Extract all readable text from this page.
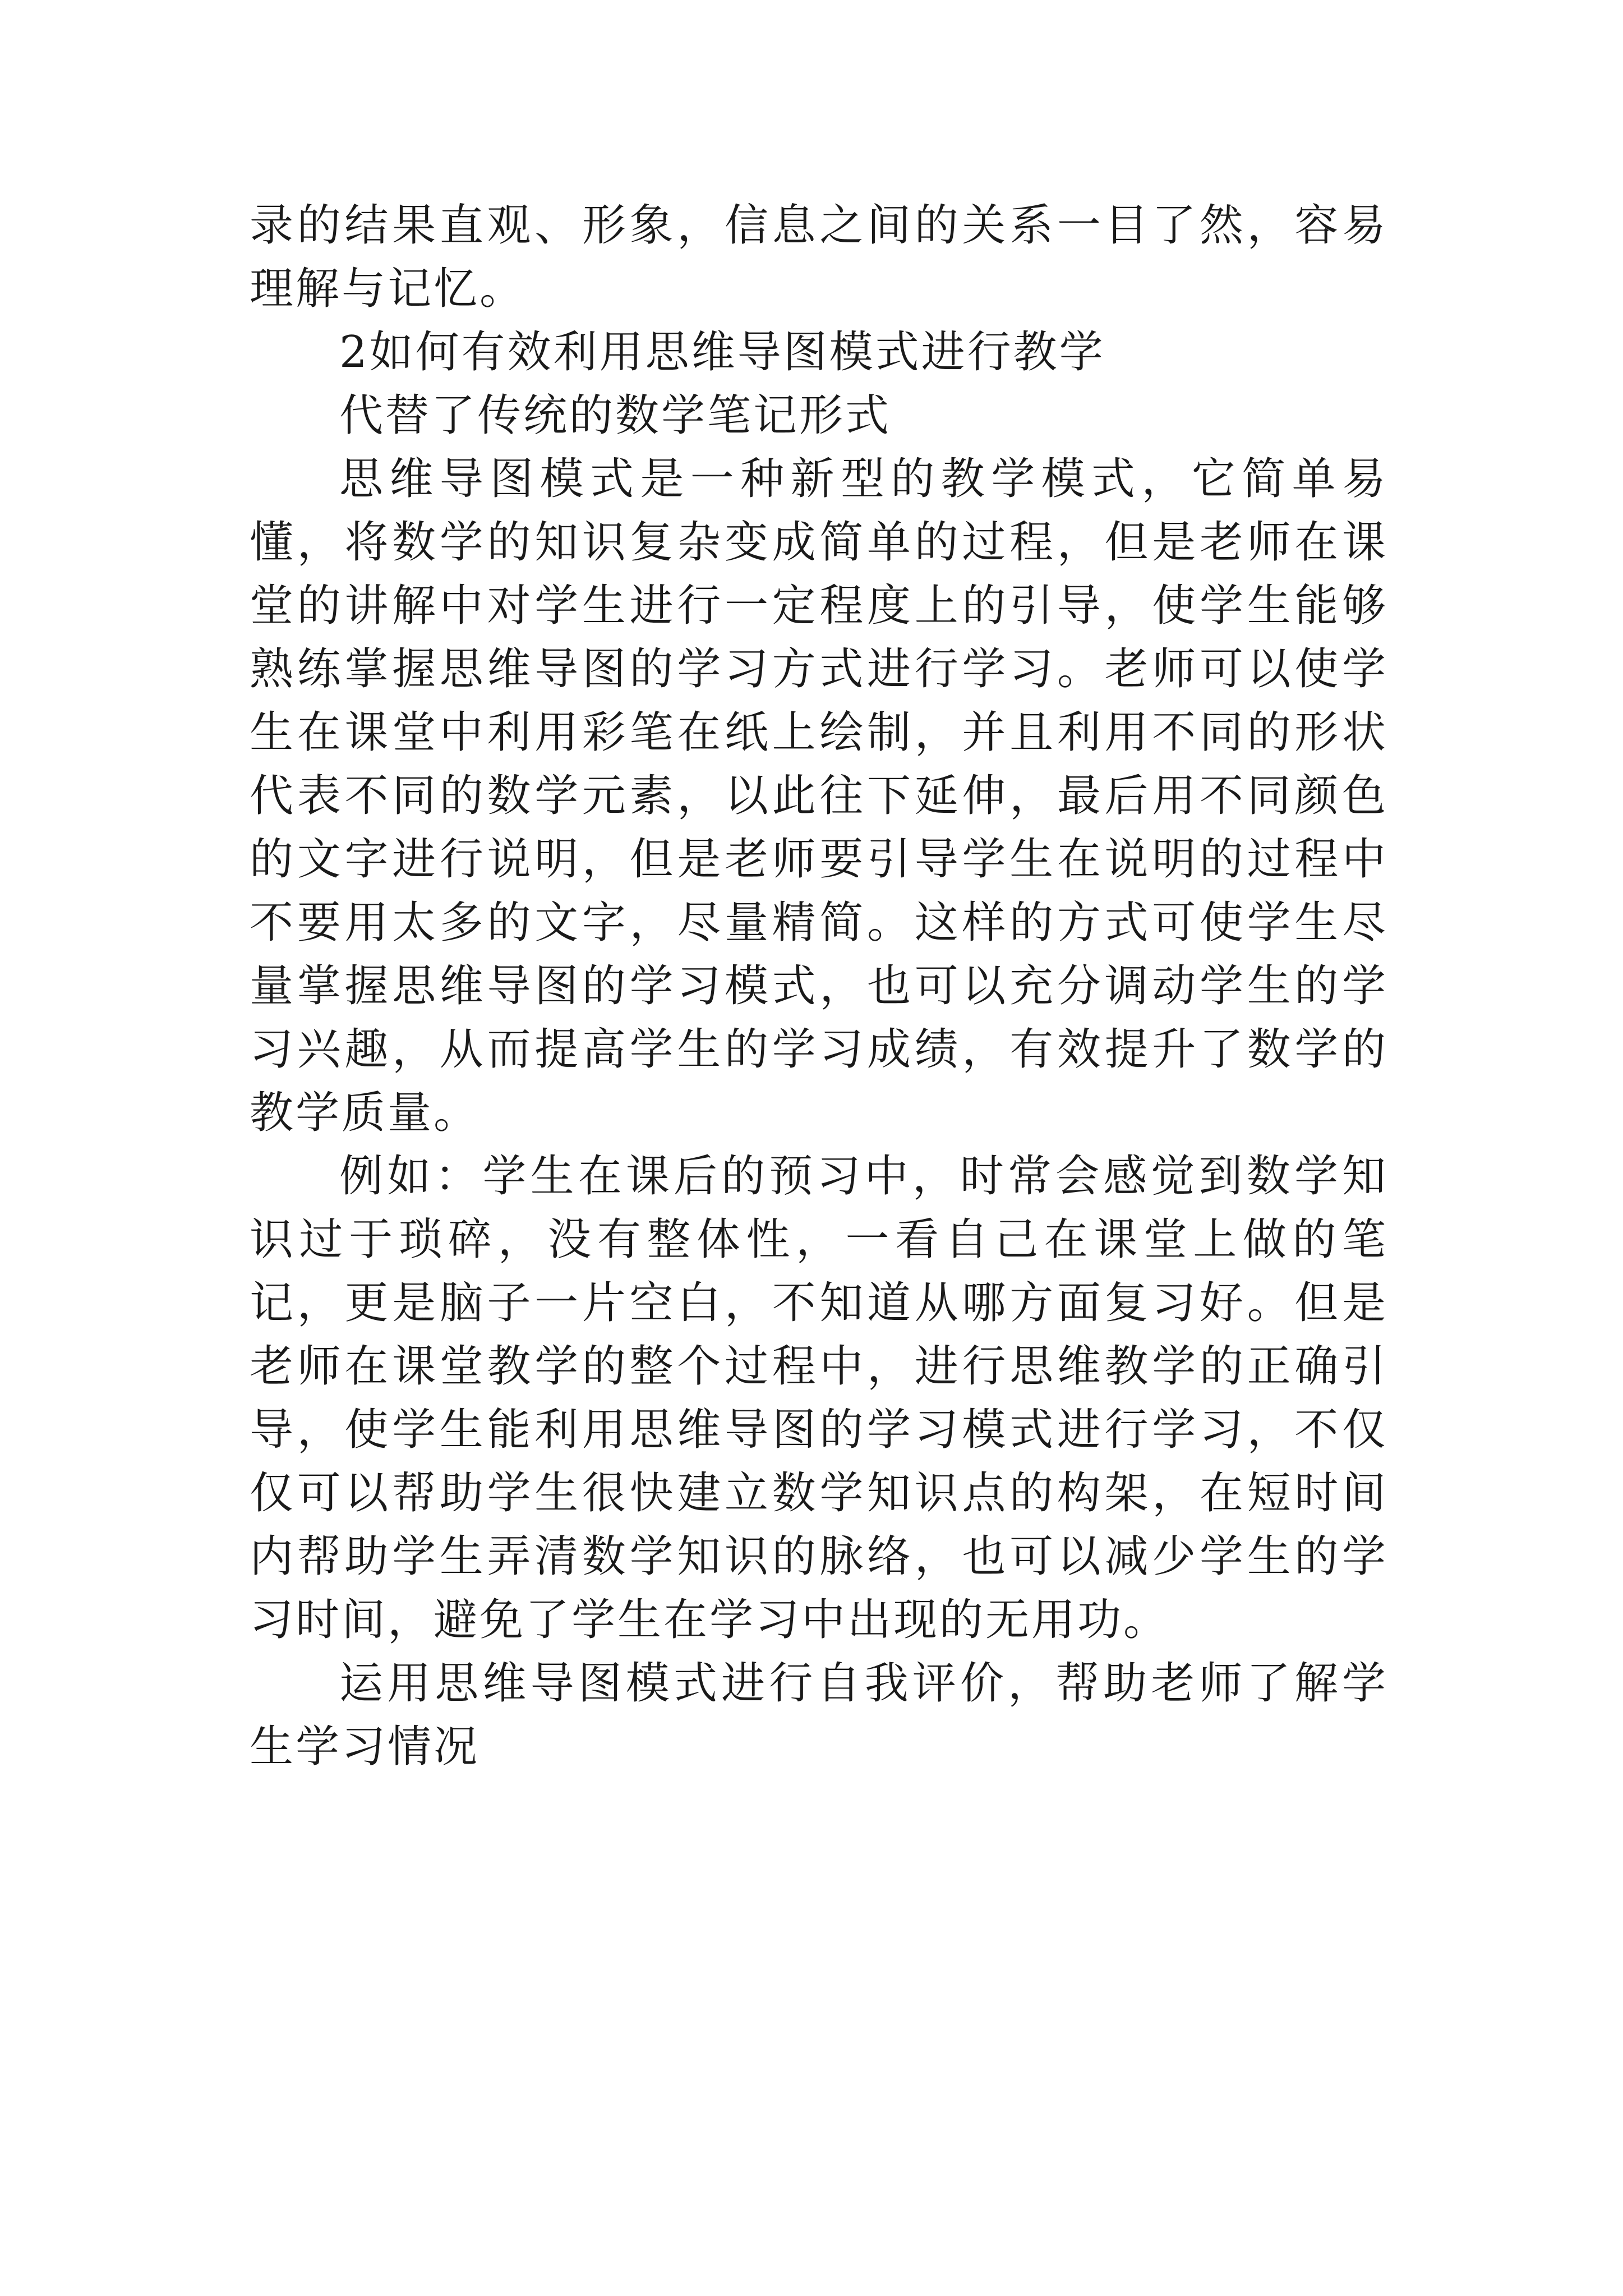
录的结果直观、形象，信息之间的关系一目了然，容易理解与记忆。

2如何有效利用思维导图模式进行教学

代替了传统的数学笔记形式

思维导图模式是一种新型的教学模式，它简单易懂，将数学的知识复杂变成简单的过程，但是老师在课堂的讲解中对学生进行一定程度上的引导，使学生能够熟练掌握思维导图的学习方式进行学习。老师可以使学生在课堂中利用彩笔在纸上绘制，并且利用不同的形状代表不同的数学元素，以此往下延伸，最后用不同颜色的文字进行说明，但是老师要引导学生在说明的过程中不要用太多的文字，尽量精简。这样的方式可使学生尽量掌握思维导图的学习模式，也可以充分调动学生的学习兴趣，从而提高学生的学习成绩，有效提升了数学的教学质量。

例如：学生在课后的预习中，时常会感觉到数学知识过于琐碎，没有整体性，一看自己在课堂上做的笔记，更是脑子一片空白，不知道从哪方面复习好。但是老师在课堂教学的整个过程中，进行思维教学的正确引导，使学生能利用思维导图的学习模式进行学习，不仅仅可以帮助学生很快建立数学知识点的构架，在短时间内帮助学生弄清数学知识的脉络，也可以减少学生的学习时间，避免了学生在学习中出现的无用功。

运用思维导图模式进行自我评价，帮助老师了解学生学习情况
